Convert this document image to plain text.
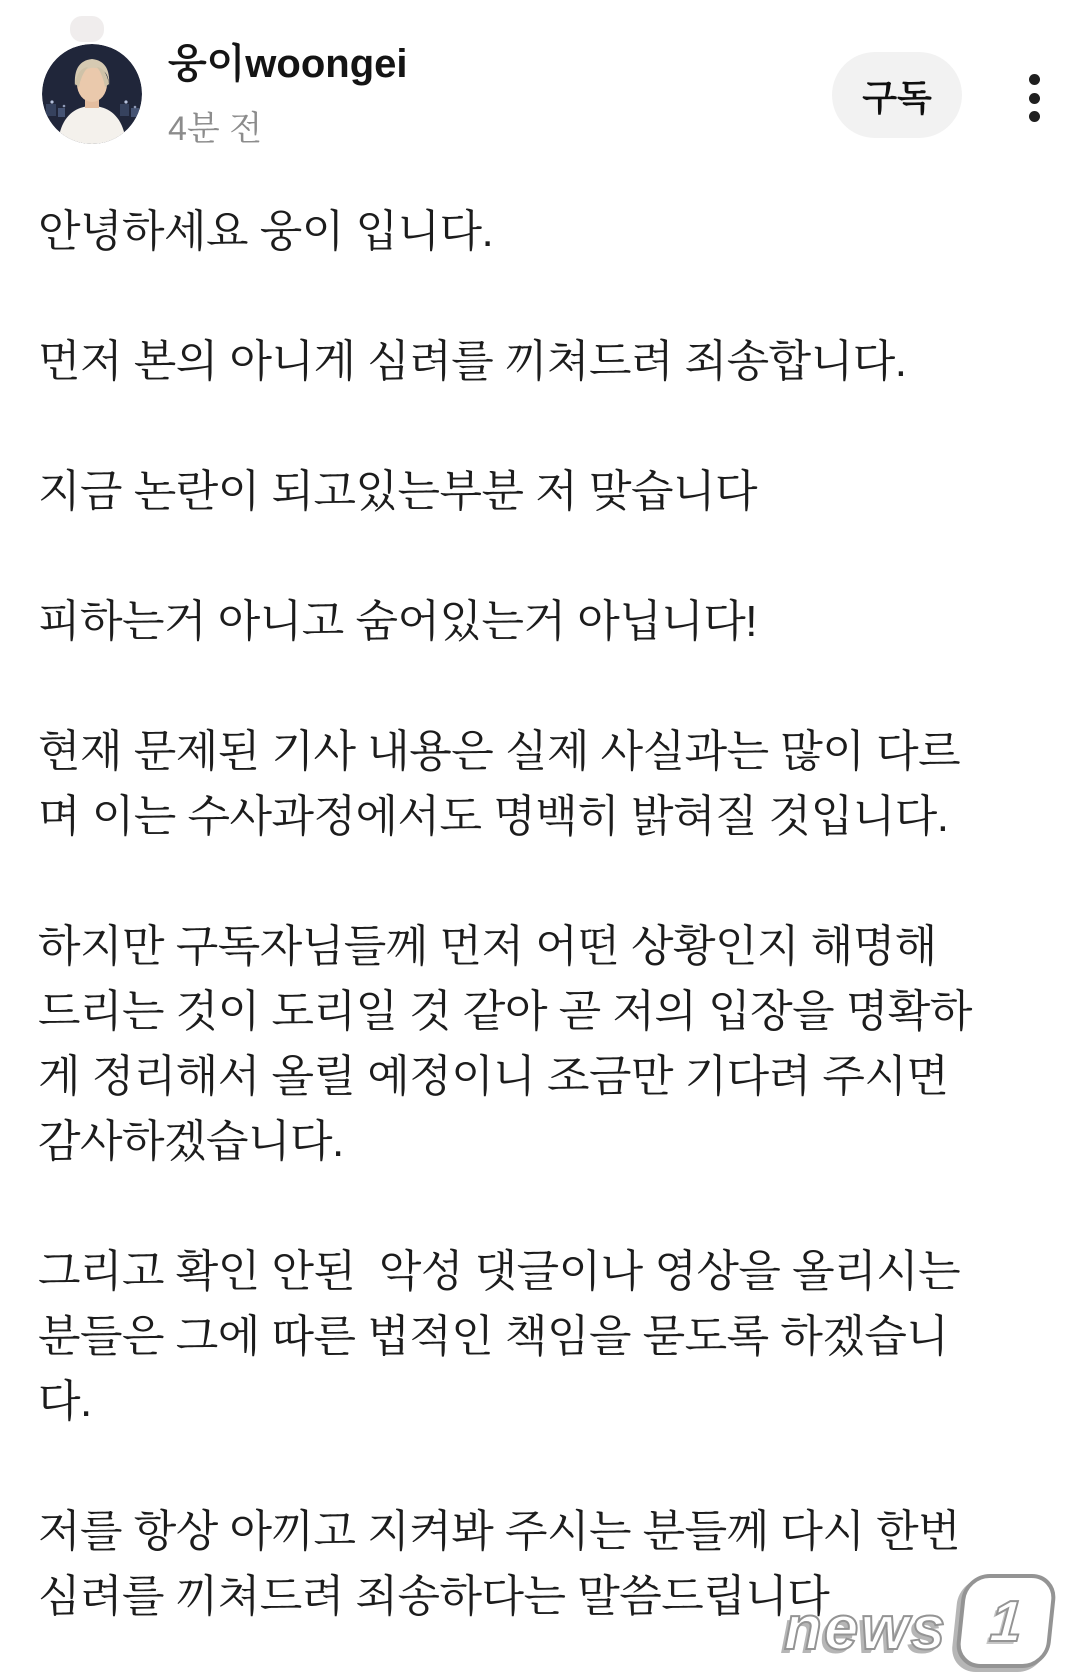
웅이woongei
4분 전
구독

안녕하세요 웅이 입니다.

먼저 본의 아니게 심려를 끼쳐드려 죄송합니다.

지금 논란이 되고있는부분 저 맞습니다

피하는거 아니고 숨어있는거 아닙니다!

현재 문제된 기사 내용은 실제 사실과는 많이 다르
며 이는 수사과정에서도 명백히 밝혀질 것입니다.

하지만 구독자님들께 먼저 어떤 상황인지 해명해
드리는 것이 도리일 것 같아 곧 저의 입장을 명확하
게 정리해서 올릴 예정이니 조금만 기다려 주시면
감사하겠습니다.

그리고 확인 안된  악성 댓글이나 영상을 올리시는
분들은 그에 따른 법적인 책임을 묻도록 하겠습니
다.

저를 항상 아끼고 지켜봐 주시는 분들께 다시 한번
심려를 끼쳐드려 죄송하다는 말씀드립니다

news 1
